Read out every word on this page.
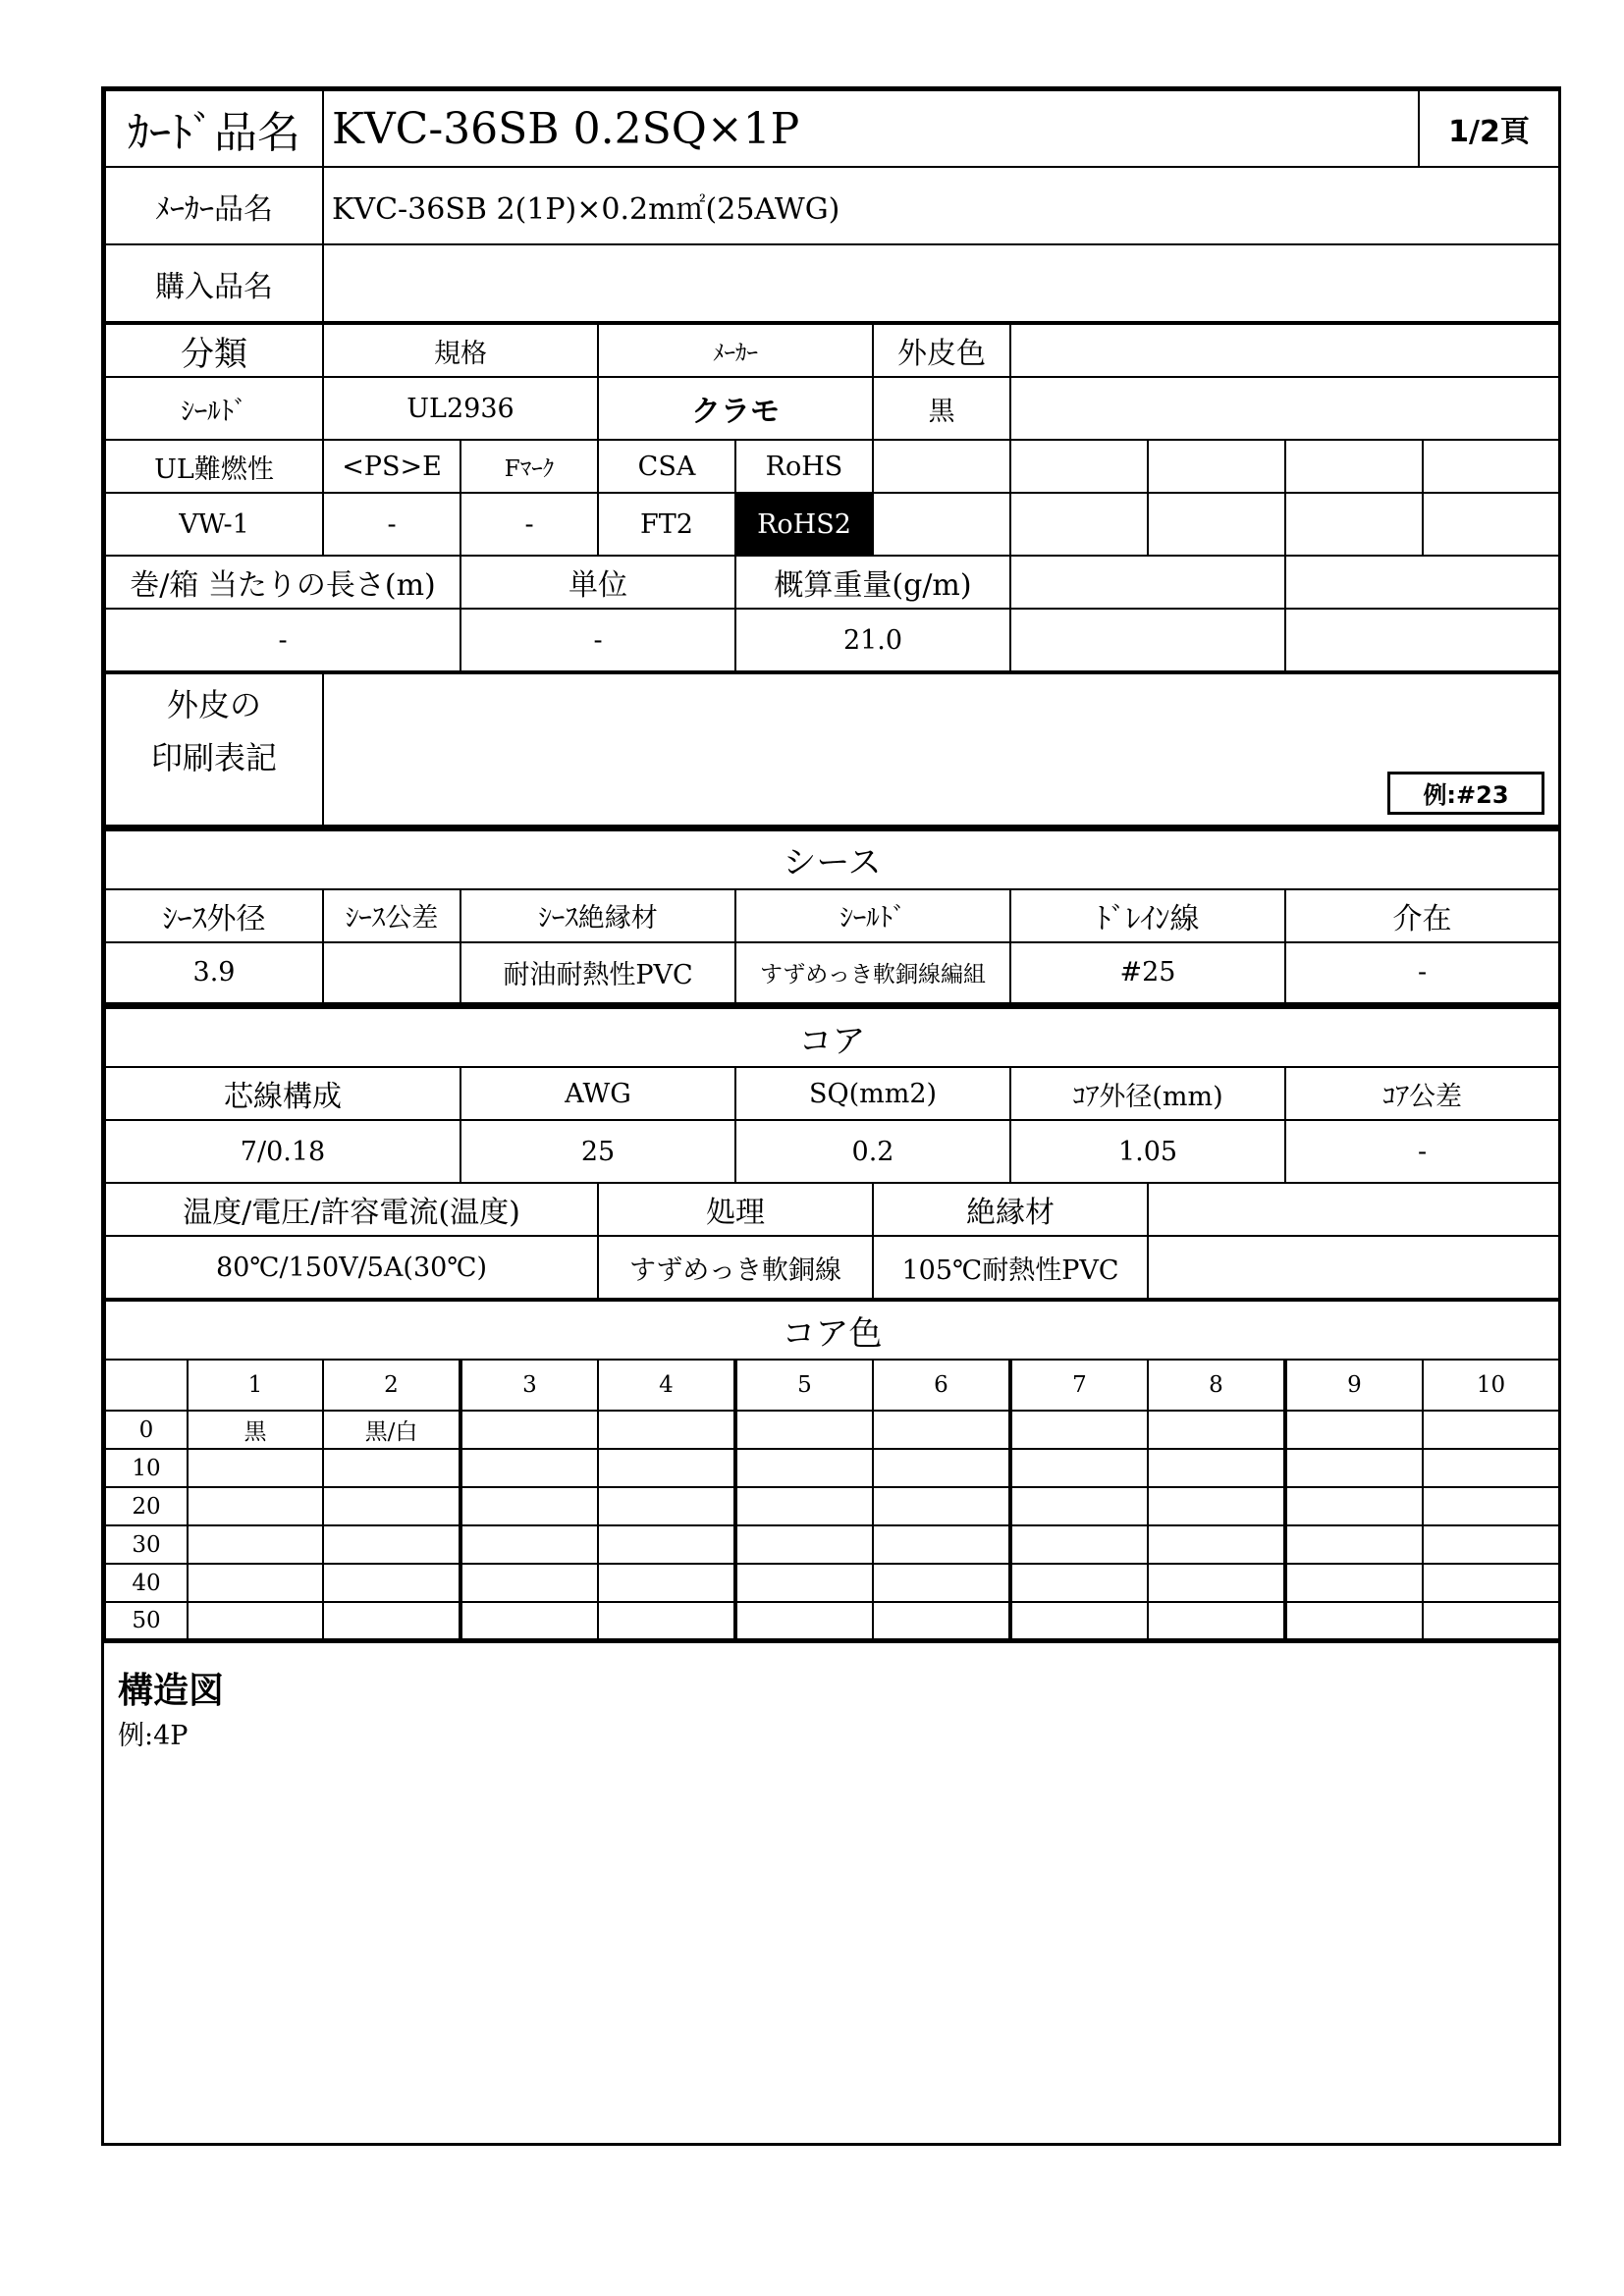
ｶｰﾄﾞ品名	KVC-36SB 0.2SQ×1P	1/2頁
ﾒｰｶｰ品名	KVC-36SB 2(1P)×0.2m㎡(25AWG)	
購入品名		
分類	規格		ﾒｰｶｰ		外皮色				
ｼｰﾙﾄﾞ	UL2936		クラモ		黒				
UL難燃性	<PS>E	Fﾏｰｸ	CSA	RoHS					
VW-1	-	-	FT2	RoHS2					
巻/箱 当たりの長さ(m)		単位		概算重量(g/m)					
-		-		21.0					
外皮の
印刷表記

例:#23
シース					
ｼｰｽ外径	ｼｰｽ公差	ｼｰｽ絶縁材	ｼｰﾙﾄﾞ	ﾄﾞﾚｲﾝ線	介在
3.9		耐油耐熱性PVC	すずめっき軟銅線編組	#25	-
コア							
芯線構成	AWG		SQ(mm2)		ｺｱ外径(mm)		ｺｱ公差
7/0.18	25		0.2		1.05		-
温度/電圧/許容電流(温度)		処理		絶縁材			
80℃/150V/5A(30℃)		すずめっき軟銅線		105℃耐熱性PVC			
コア色										
	1	2	3	4	5	6	7	8	9	10
0	黒	黒/白								
10										
20										
30										
40										
50										
構造図
例:4P
